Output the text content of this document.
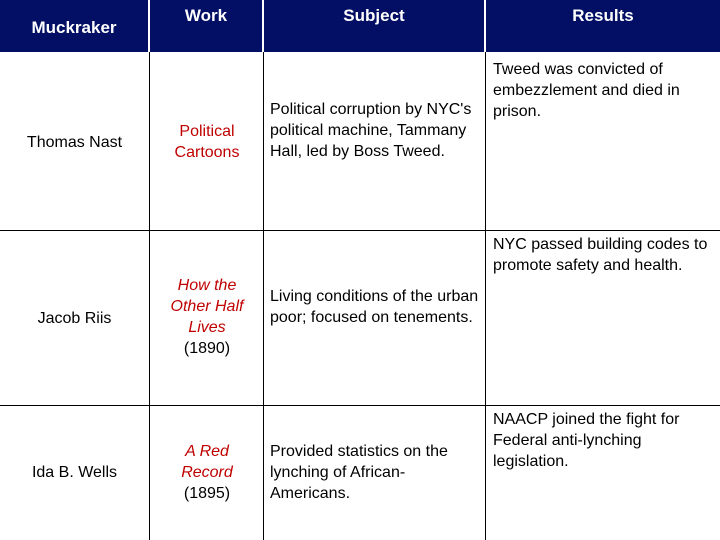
Muckraker
Work	Subject	Results
Thomas Nast
Political Cartoons
Political corruption by NYC's political machine, Tammany Hall, led by Boss Tweed.
Tweed was convicted of embezzlement and died in prison.
Jacob Riis
How the Other Half Lives
(1890)
Living conditions of the urban poor; focused on tenements.
NYC passed building codes to promote safety and health.
Ida B. Wells
A Red Record
(1895)
Provided statistics on the lynching of African-Americans.
NAACP joined the fight for Federal anti-lynching legislation.
